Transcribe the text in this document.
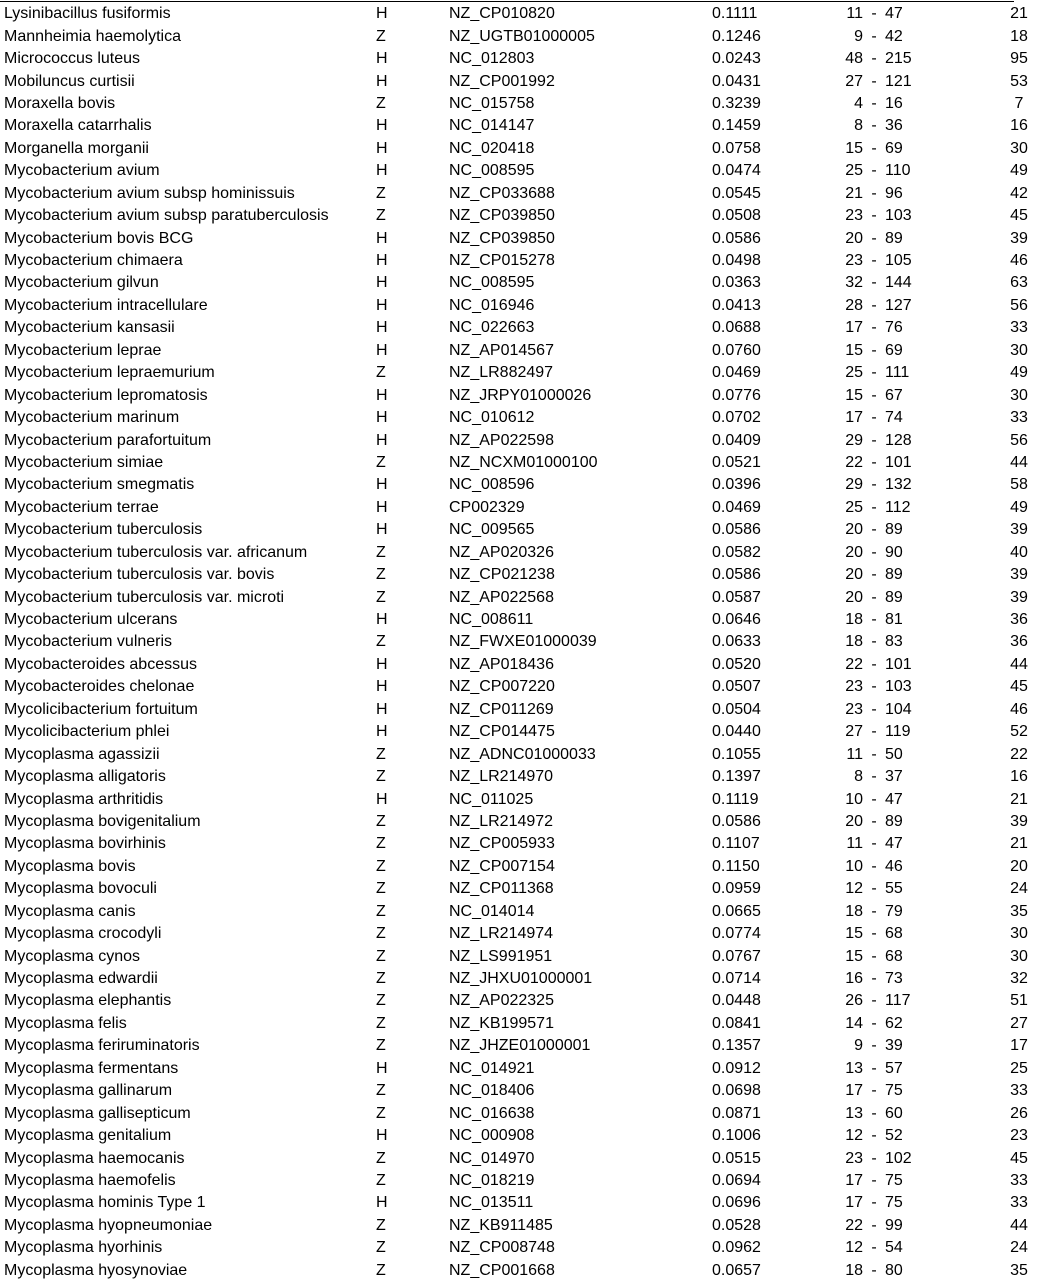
Lysinibacillus fusiformis	H	NZ_CP010820	0.1111	11 - 47	21
Mannheimia haemolytica	Z	NZ_UGTB01000005	0.1246	9 - 42	18
Micrococcus luteus	H	NC_012803	0.0243	48 - 215	95
Mobiluncus curtisii	H	NZ_CP001992	0.0431	27 - 121	53
Moraxella bovis	Z	NC_015758	0.3239	4 - 16	7
Moraxella catarrhalis	H	NC_014147	0.1459	8 - 36	16
Morganella morganii	H	NC_020418	0.0758	15 - 69	30
Mycobacterium avium	H	NC_008595	0.0474	25 - 110	49
Mycobacterium avium subsp hominissuis	Z	NZ_CP033688	0.0545	21 - 96	42
Mycobacterium avium subsp paratuberculosis	Z	NZ_CP039850	0.0508	23 - 103	45
Mycobacterium bovis BCG	H	NZ_CP039850	0.0586	20 - 89	39
Mycobacterium chimaera	H	NZ_CP015278	0.0498	23 - 105	46
Mycobacterium gilvun	H	NC_008595	0.0363	32 - 144	63
Mycobacterium intracellulare	H	NC_016946	0.0413	28 - 127	56
Mycobacterium kansasii	H	NC_022663	0.0688	17 - 76	33
Mycobacterium leprae	H	NZ_AP014567	0.0760	15 - 69	30
Mycobacterium lepraemurium	Z	NZ_LR882497	0.0469	25 - 111	49
Mycobacterium lepromatosis	H	NZ_JRPY01000026	0.0776	15 - 67	30
Mycobacterium marinum	H	NC_010612	0.0702	17 - 74	33
Mycobacterium parafortuitum	H	NZ_AP022598	0.0409	29 - 128	56
Mycobacterium simiae	Z	NZ_NCXM01000100	0.0521	22 - 101	44
Mycobacterium smegmatis	H	NC_008596	0.0396	29 - 132	58
Mycobacterium terrae	H	CP002329	0.0469	25 - 112	49
Mycobacterium tuberculosis	H	NC_009565	0.0586	20 - 89	39
Mycobacterium tuberculosis var. africanum	Z	NZ_AP020326	0.0582	20 - 90	40
Mycobacterium tuberculosis var. bovis	Z	NZ_CP021238	0.0586	20 - 89	39
Mycobacterium tuberculosis var. microti	Z	NZ_AP022568	0.0587	20 - 89	39
Mycobacterium ulcerans	H	NC_008611	0.0646	18 - 81	36
Mycobacterium vulneris	Z	NZ_FWXE01000039	0.0633	18 - 83	36
Mycobacteroides abcessus	H	NZ_AP018436	0.0520	22 - 101	44
Mycobacteroides chelonae	H	NZ_CP007220	0.0507	23 - 103	45
Mycolicibacterium fortuitum	H	NZ_CP011269	0.0504	23 - 104	46
Mycolicibacterium phlei	H	NZ_CP014475	0.0440	27 - 119	52
Mycoplasma agassizii	Z	NZ_ADNC01000033	0.1055	11 - 50	22
Mycoplasma alligatoris	Z	NZ_LR214970	0.1397	8 - 37	16
Mycoplasma arthritidis	H	NC_011025	0.1119	10 - 47	21
Mycoplasma bovigenitalium	Z	NZ_LR214972	0.0586	20 - 89	39
Mycoplasma bovirhinis	Z	NZ_CP005933	0.1107	11 - 47	21
Mycoplasma bovis	Z	NZ_CP007154	0.1150	10 - 46	20
Mycoplasma bovoculi	Z	NZ_CP011368	0.0959	12 - 55	24
Mycoplasma canis	Z	NC_014014	0.0665	18 - 79	35
Mycoplasma crocodyli	Z	NZ_LR214974	0.0774	15 - 68	30
Mycoplasma cynos	Z	NZ_LS991951	0.0767	15 - 68	30
Mycoplasma edwardii	Z	NZ_JHXU01000001	0.0714	16 - 73	32
Mycoplasma elephantis	Z	NZ_AP022325	0.0448	26 - 117	51
Mycoplasma felis	Z	NZ_KB199571	0.0841	14 - 62	27
Mycoplasma feriruminatoris	Z	NZ_JHZE01000001	0.1357	9 - 39	17
Mycoplasma fermentans	H	NC_014921	0.0912	13 - 57	25
Mycoplasma gallinarum	Z	NC_018406	0.0698	17 - 75	33
Mycoplasma gallisepticum	Z	NC_016638	0.0871	13 - 60	26
Mycoplasma genitalium	H	NC_000908	0.1006	12 - 52	23
Mycoplasma haemocanis	Z	NC_014970	0.0515	23 - 102	45
Mycoplasma haemofelis	Z	NC_018219	0.0694	17 - 75	33
Mycoplasma hominis Type 1	H	NC_013511	0.0696	17 - 75	33
Mycoplasma hyopneumoniae	Z	NZ_KB911485	0.0528	22 - 99	44
Mycoplasma hyorhinis	Z	NZ_CP008748	0.0962	12 - 54	24
Mycoplasma hyosynoviae	Z	NZ_CP001668	0.0657	18 - 80	35
